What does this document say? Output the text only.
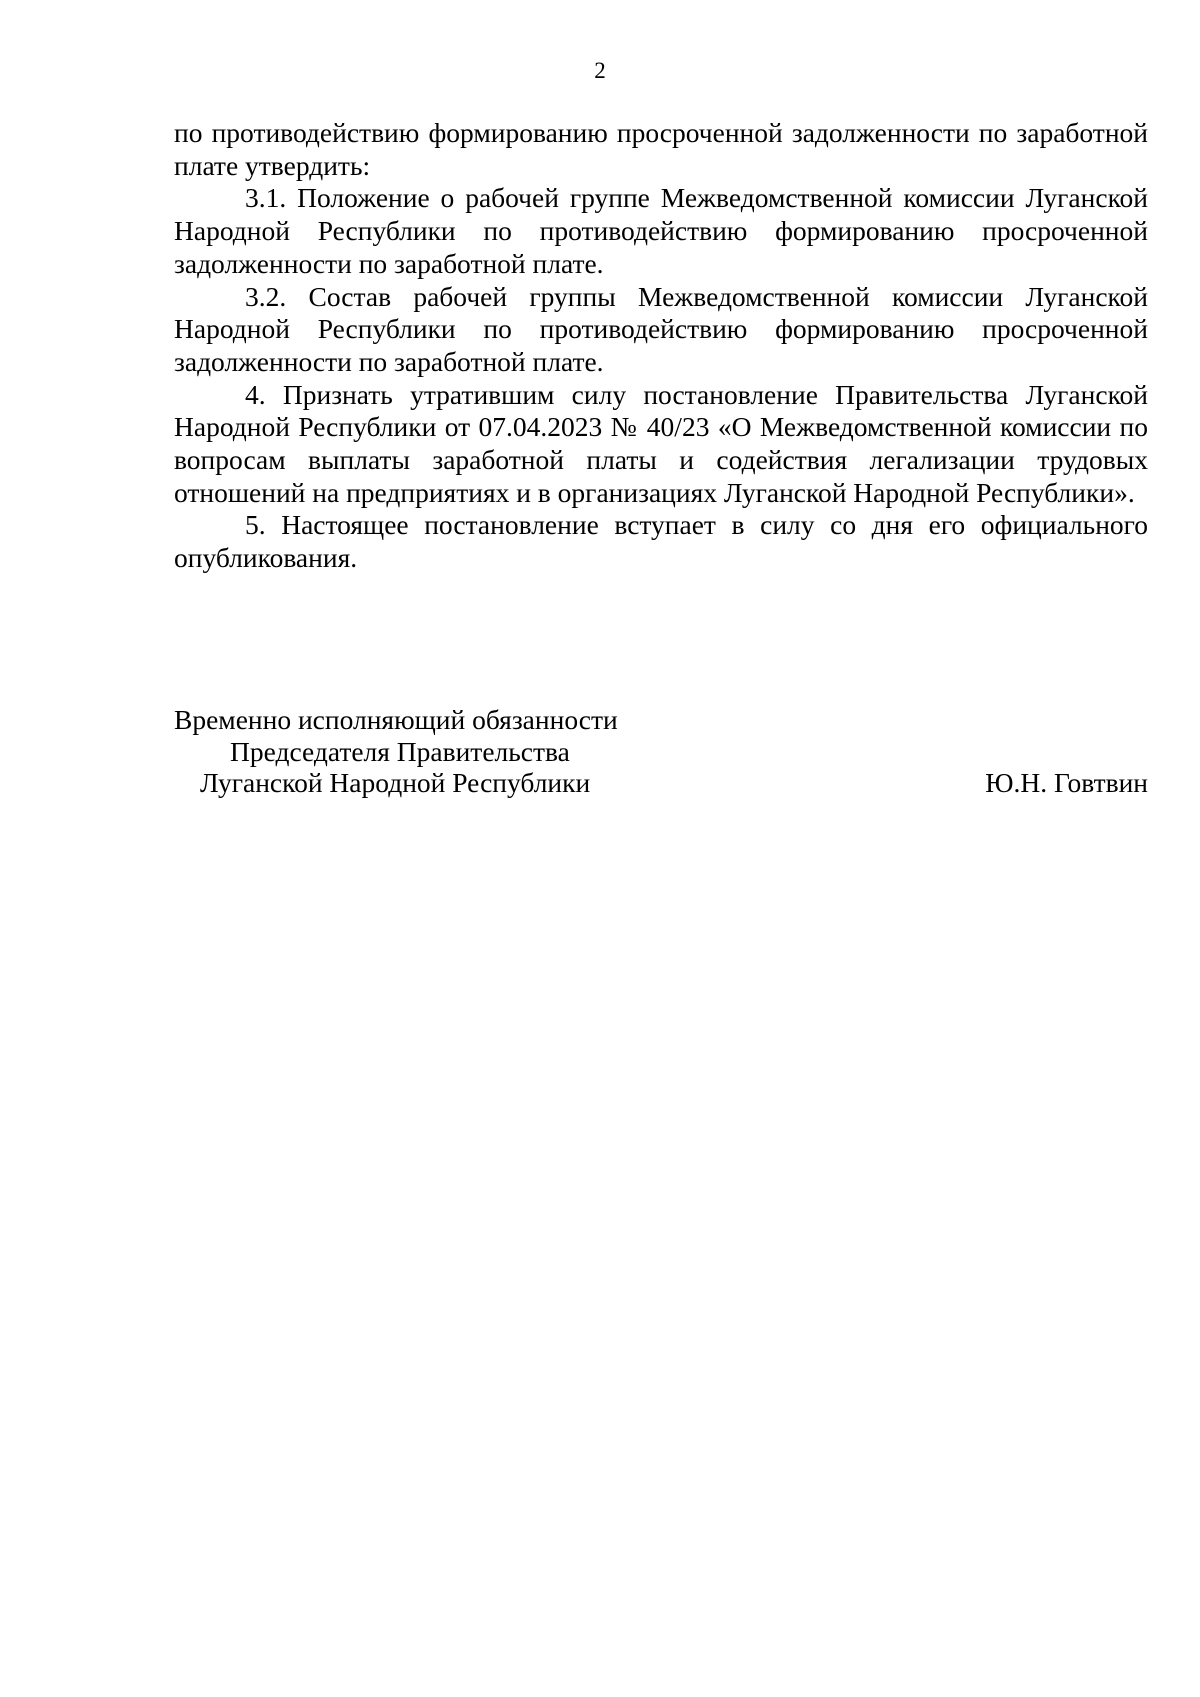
2

по противодействию формированию просроченной задолженности по заработной плате утвердить:

3.1. Положение о рабочей группе Межведомственной комиссии Луганской Народной Республики по противодействию формированию просроченной задолженности по заработной плате.

3.2. Состав рабочей группы Межведомственной комиссии Луганской Народной Республики по противодействию формированию просроченной задолженности по заработной плате.

4. Признать утратившим силу постановление Правительства Луганской Народной Республики от 07.04.2023 № 40/23 «О Межведомственной комиссии по вопросам выплаты заработной платы и содействия легализации трудовых отношений на предприятиях и в организациях Луганской Народной Республики».

5. Настоящее постановление вступает в силу со дня его официального опубликования.

Временно исполняющий обязанности

Председателя Правительства

Луганской Народной Республики	Ю.Н. Говтвин
